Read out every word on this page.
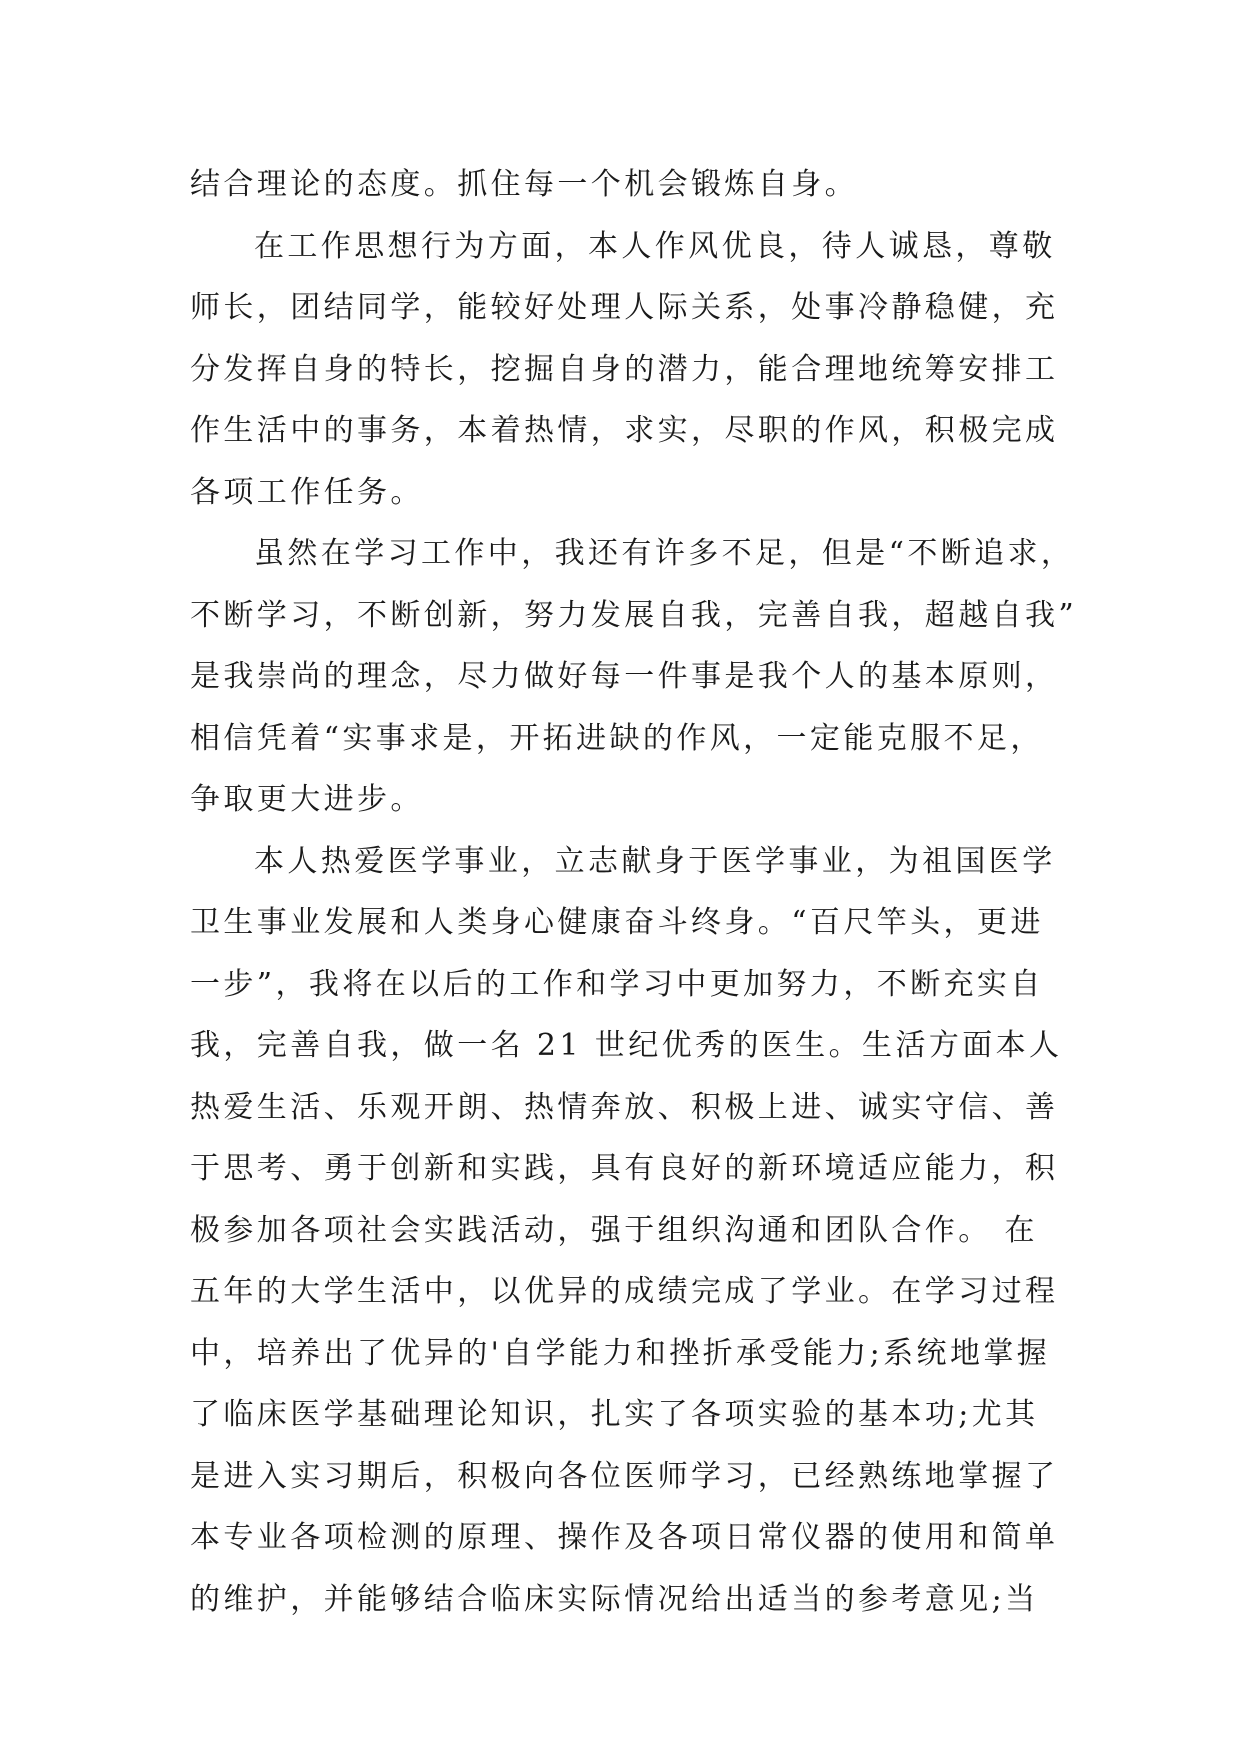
结合理论的态度。抓住每一个机会锻炼自身。
在工作思想行为方面，本人作风优良，待人诚恳，尊敬
师长，团结同学，能较好处理人际关系，处事冷静稳健，充
分发挥自身的特长，挖掘自身的潜力，能合理地统筹安排工
作生活中的事务，本着热情，求实，尽职的作风，积极完成
各项工作任务。
虽然在学习工作中，我还有许多不足，但是“不断追求，
不断学习，不断创新，努力发展自我，完善自我，超越自我”
是我崇尚的理念，尽力做好每一件事是我个人的基本原则，
相信凭着“实事求是，开拓进缺的作风，一定能克服不足，
争取更大进步。
本人热爱医学事业，立志献身于医学事业，为祖国医学
卫生事业发展和人类身心健康奋斗终身。“百尺竿头，更进
一步”，我将在以后的工作和学习中更加努力，不断充实自
我，完善自我，做一名 21 世纪优秀的医生。生活方面本人
热爱生活、乐观开朗、热情奔放、积极上进、诚实守信、善
于思考、勇于创新和实践，具有良好的新环境适应能力，积
极参加各项社会实践活动，强于组织沟通和团队合作。 在
五年的大学生活中，以优异的成绩完成了学业。在学习过程
中，培养出了优异的'自学能力和挫折承受能力;系统地掌握
了临床医学基础理论知识，扎实了各项实验的基本功;尤其
是进入实习期后，积极向各位医师学习，已经熟练地掌握了
本专业各项检测的原理、操作及各项日常仪器的使用和简单
的维护，并能够结合临床实际情况给出适当的参考意见;当
